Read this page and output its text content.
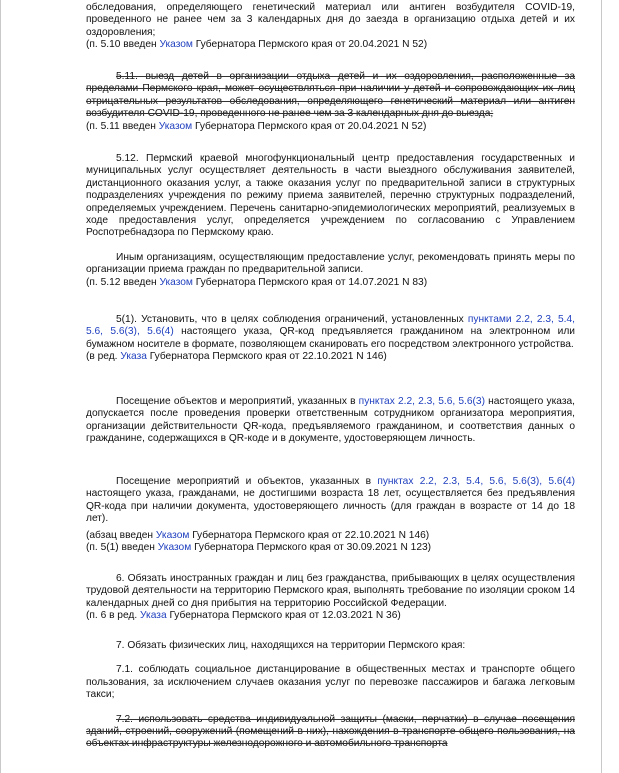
обследования, определяющего генетический материал или антиген возбудителя COVID-19, проведенного не ранее чем за 3 календарных дня до заезда в организацию отдыха детей и их оздоровления;

(п. 5.10 введен Указом Губернатора Пермского края от 20.04.2021 N 52)

5.11. выезд детей в организации отдыха детей и их оздоровления, расположенные за пределами Пермского края, может осуществляться при наличии у детей и сопровождающих их лиц отрицательных результатов обследования, определяющего генетический материал или антиген возбудителя COVID-19, проведенного не ранее чем за 3 календарных дня до выезда;

(п. 5.11 введен Указом Губернатора Пермского края от 20.04.2021 N 52)

5.12. Пермский краевой многофункциональный центр предоставления государственных и муниципальных услуг осуществляет деятельность в части выездного обслуживания заявителей, дистанционного оказания услуг, а также оказания услуг по предварительной записи в структурных подразделениях учреждения по режиму приема заявителей, перечню структурных подразделений, определяемых учреждением. Перечень санитарно-эпидемиологических мероприятий, реализуемых в ходе предоставления услуг, определяется учреждением по согласованию с Управлением Роспотребнадзора по Пермскому краю.

Иным организациям, осуществляющим предоставление услуг, рекомендовать принять меры по организации приема граждан по предварительной записи.

(п. 5.12 введен Указом Губернатора Пермского края от 14.07.2021 N 83)

5(1). Установить, что в целях соблюдения ограничений, установленных пунктами 2.2, 2.3, 5.4, 5.6, 5.6(3), 5.6(4) настоящего указа, QR-код предъявляется гражданином на электронном или бумажном носителе в формате, позволяющем сканировать его посредством электронного устройства.

(в ред. Указа Губернатора Пермского края от 22.10.2021 N 146)

Посещение объектов и мероприятий, указанных в пунктах 2.2, 2.3, 5.6, 5.6(3) настоящего указа, допускается после проведения проверки ответственным сотрудником организатора мероприятия, организации действительности QR-кода, предъявляемого гражданином, и соответствия данных о гражданине, содержащихся в QR-коде и в документе, удостоверяющем личность.

Посещение мероприятий и объектов, указанных в пунктах 2.2, 2.3, 5.4, 5.6, 5.6(3), 5.6(4) настоящего указа, гражданами, не достигшими возраста 18 лет, осуществляется без предъявления QR-кода при наличии документа, удостоверяющего личность (для граждан в возрасте от 14 до 18 лет).

(абзац введен Указом Губернатора Пермского края от 22.10.2021 N 146)

(п. 5(1) введен Указом Губернатора Пермского края от 30.09.2021 N 123)

6. Обязать иностранных граждан и лиц без гражданства, прибывающих в целях осуществления трудовой деятельности на территорию Пермского края, выполнять требование по изоляции сроком 14 календарных дней со дня прибытия на территорию Российской Федерации.

(п. 6 в ред. Указа Губернатора Пермского края от 12.03.2021 N 36)

7. Обязать физических лиц, находящихся на территории Пермского края:

7.1. соблюдать социальное дистанцирование в общественных местах и транспорте общего пользования, за исключением случаев оказания услуг по перевозке пассажиров и багажа легковым такси;

7.2. использовать средства индивидуальной защиты (маски, перчатки) в случае посещения зданий, строений, сооружений (помещений в них), нахождения в транспорте общего пользования, на объектах инфраструктуры железнодорожного и автомобильного транспорта
